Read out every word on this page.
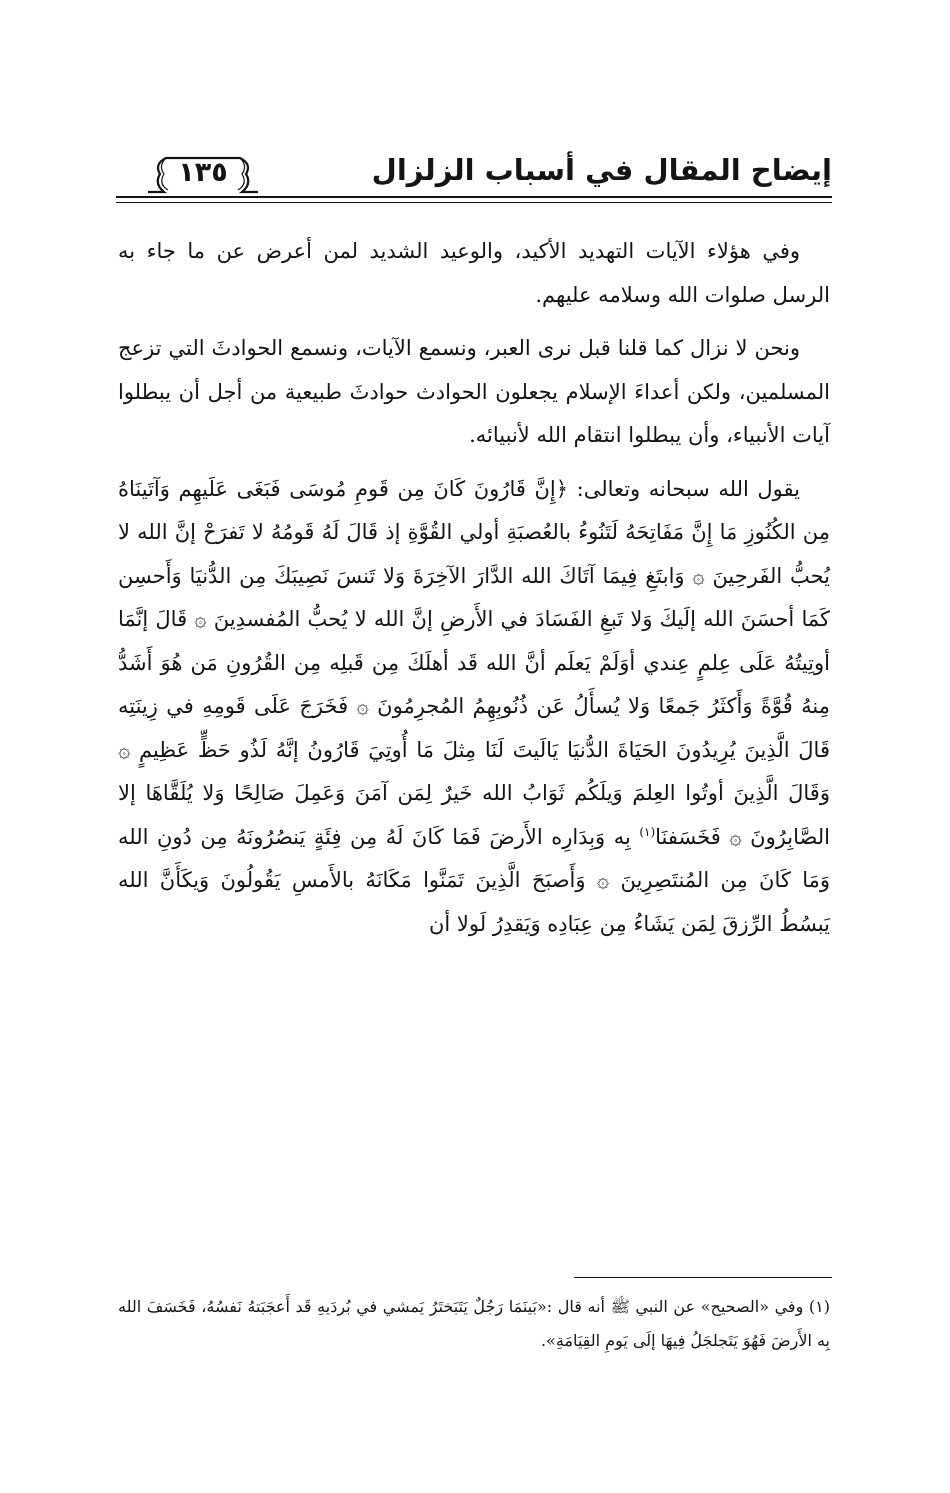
إيضاح المقال في أسباب الزلزال
١٣٥

وفي هؤلاء الآيات التهديد الأكيد، والوعيد الشديد لمن أعرض عن ما جاء به الرسل صلوات الله وسلامه عليهم.

ونحن لا نزال كما قلنا قبل نرى العبر، ونسمع الآيات، ونسمع الحوادثَ التي تزعج المسلمين، ولكن أعداءَ الإسلام يجعلون الحوادث حوادثَ طبيعية من أجل أن يبطلوا آيات الأنبياء، وأن يبطلوا انتقام الله لأنبيائه.

يقول الله سبحانه وتعالى: ﴿إِنَّ قَارُونَ كَانَ مِن قَومِ مُوسَى فَبَغَى عَلَيهِم وَآتَينَاهُ مِن الكُنُوزِ مَا إِنَّ مَفَاتِحَهُ لَتَنُوءُ بالعُصبَةِ أولي القُوَّةِ إذ قَالَ لَهُ قَومُهُ لا تَفرَحْ إنَّ الله لا يُحبُّ الفَرحِينَ ۞ وَابتَغِ فِيمَا آتَاكَ الله الدَّارَ الآخِرَةَ وَلا تَنسَ نَصِيبَكَ مِن الدُّنيَا وَأَحسِن كَمَا أحسَنَ الله إلَيكَ وَلا تَبغِ الفَسَادَ في الأَرضِ إنَّ الله لا يُحبُّ المُفسدِينَ ۞ قَالَ إنَّمَا أوتِيتُهُ عَلَى عِلمٍ عِندي أوَلَمْ يَعلَم أنَّ الله قَد أهلَكَ مِن قَبلِه مِن القُرُونِ مَن هُوَ أَشَدُّ مِنهُ قُوَّةً وَأَكثَرُ جَمعًا وَلا يُسأَلُ عَن ذُنُوبِهِمُ المُجرِمُونَ ۞ فَخَرَجَ عَلَى قَومِهِ في زِينَتِه قَالَ الَّذِينَ يُرِيدُونَ الحَيَاةَ الدُّنيَا يَالَيتَ لَنَا مِثلَ مَا أُوتِيَ قَارُونُ إنَّهُ لَذُو حَظٍّ عَظِيمٍ ۞ وَقَالَ الَّذِينَ أوتُوا العِلمَ وَيلَكُم ثَوَابُ الله خَيرٌ لِمَن آمَنَ وَعَمِلَ صَالِحًا وَلا يُلَقَّاهَا إلا الصَّابِرُونَ ۞ فَخَسَفنَا$^{(١)}$ بِه وَبِدَارِه الأَرضَ فَمَا كَانَ لَهُ مِن فِئَةٍ يَنصُرُونَهُ مِن دُونِ الله وَمَا كَانَ مِن المُنتَصِرِينَ ۞ وَأَصبَحَ الَّذِينَ تَمَنَّوا مَكَانَهُ بالأَمسِ يَقُولُونَ وَيكَأَنَّ الله يَبسُطُ الرِّزقَ لِمَن يَشَاءُ مِن عِبَادِه وَيَقدِرُ لَولا أن

(١) وفي «الصحيح» عن النبي ﷺ أنه قال :«بَينَمَا رَجُلٌ يَتَبَختَرُ يَمشي في بُردَيهِ قَد أَعجَبَتهُ نَفسُهُ، فَخَسَفَ الله بِه الأَرضَ فَهُوَ يَتَجلجَلُ فِيهَا إلَى يَومِ القِيَامَةِ».
